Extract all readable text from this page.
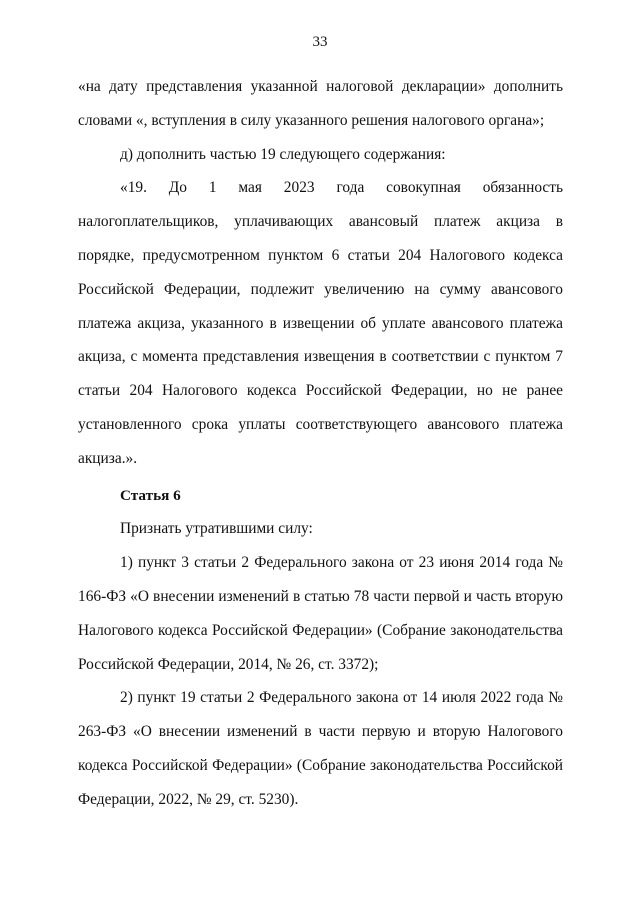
33

«на дату представления указанной налоговой декларации» дополнить словами «, вступления в силу указанного решения налогового органа»;

д) дополнить частью 19 следующего содержания:

«19. До 1 мая 2023 года совокупная обязанность налогоплательщиков, уплачивающих авансовый платеж акциза в порядке, предусмотренном пунктом 6 статьи 204 Налогового кодекса Российской Федерации, подлежит увеличению на сумму авансового платежа акциза, указанного в извещении об уплате авансового платежа акциза, с момента представления извещения в соответствии с пунктом 7 статьи 204 Налогового кодекса Российской Федерации, но не ранее установленного срока уплаты соответствующего авансового платежа акциза.».

Статья 6

Признать утратившими силу:

1) пункт 3 статьи 2 Федерального закона от 23 июня 2014 года № 166-ФЗ «О внесении изменений в статью 78 части первой и часть вторую Налогового кодекса Российской Федерации» (Собрание законодательства Российской Федерации, 2014, № 26, ст. 3372);

2) пункт 19 статьи 2 Федерального закона от 14 июля 2022 года № 263-ФЗ «О внесении изменений в части первую и вторую Налогового кодекса Российской Федерации» (Собрание законодательства Российской Федерации, 2022, № 29, ст. 5230).
